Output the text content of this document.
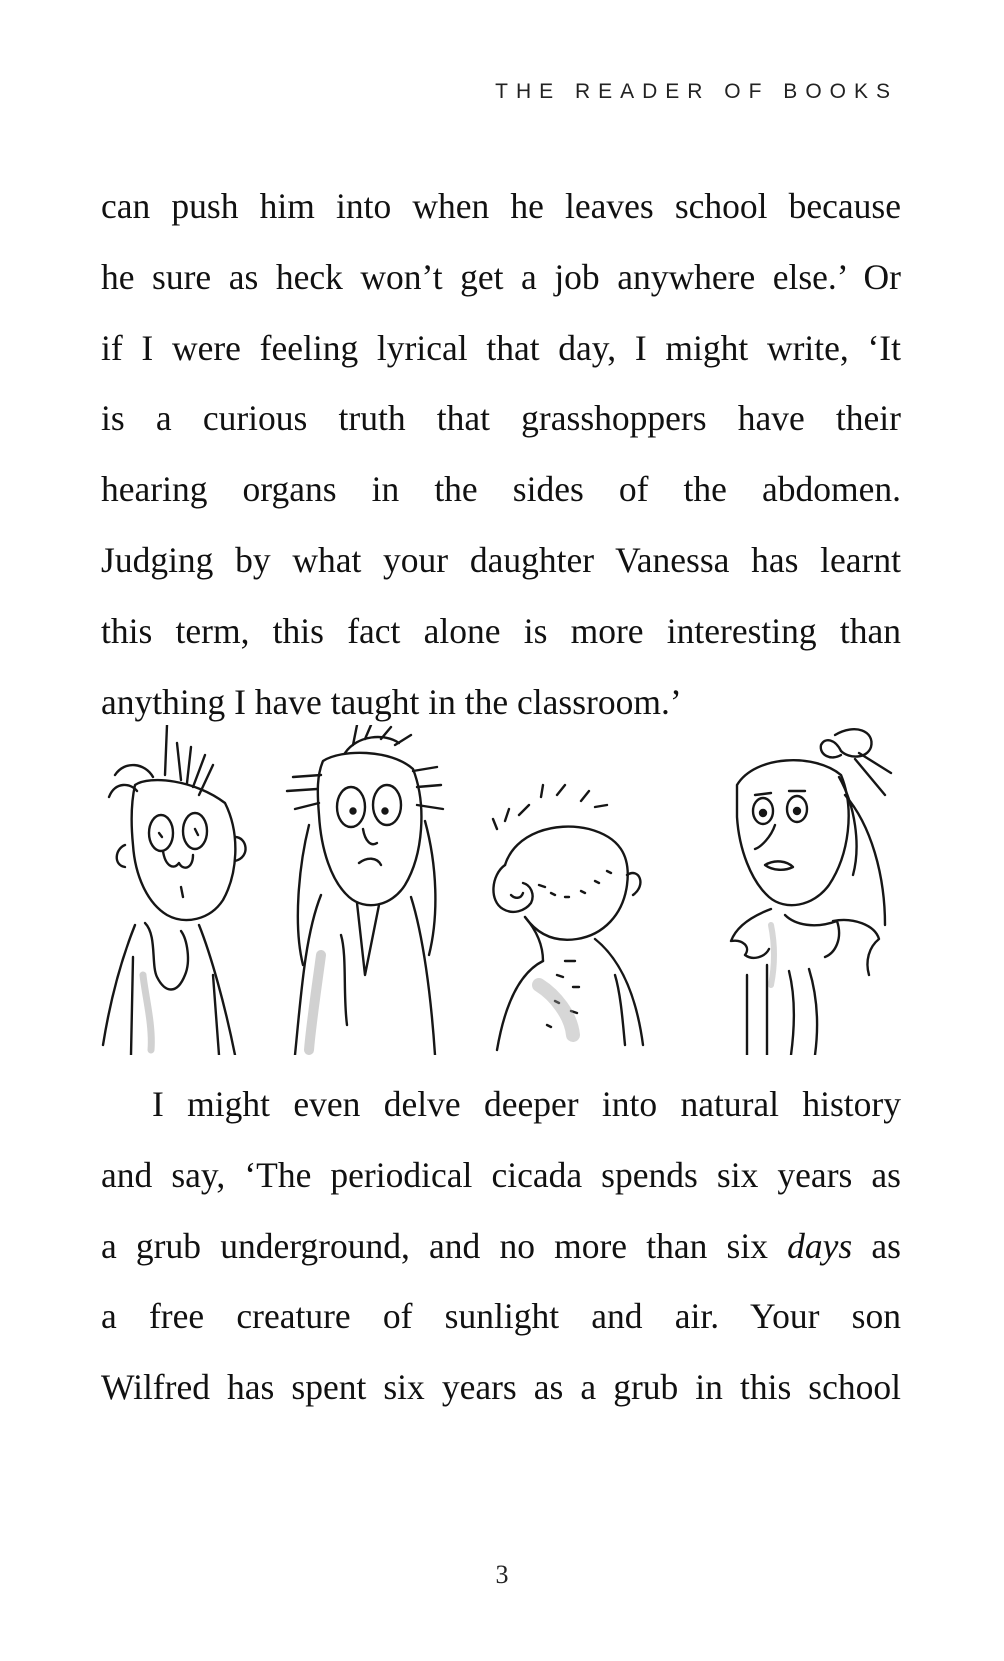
THE READER OF BOOKS

can push him into when he leaves school because
he sure as heck won’t get a job anywhere else.’ Or
if I were feeling lyrical that day, I might write, ‘It
is a curious truth that grasshoppers have their
hearing organs in the sides of the abdomen.
Judging by what your daughter Vanessa has learnt
this term, this fact alone is more interesting than
anything I have taught in the classroom.’

I might even delve deeper into natural history
and say, ‘The periodical cicada spends six years as
a grub underground, and no more than six days as
a free creature of sunlight and air. Your son
Wilfred has spent six years as a grub in this school

3
